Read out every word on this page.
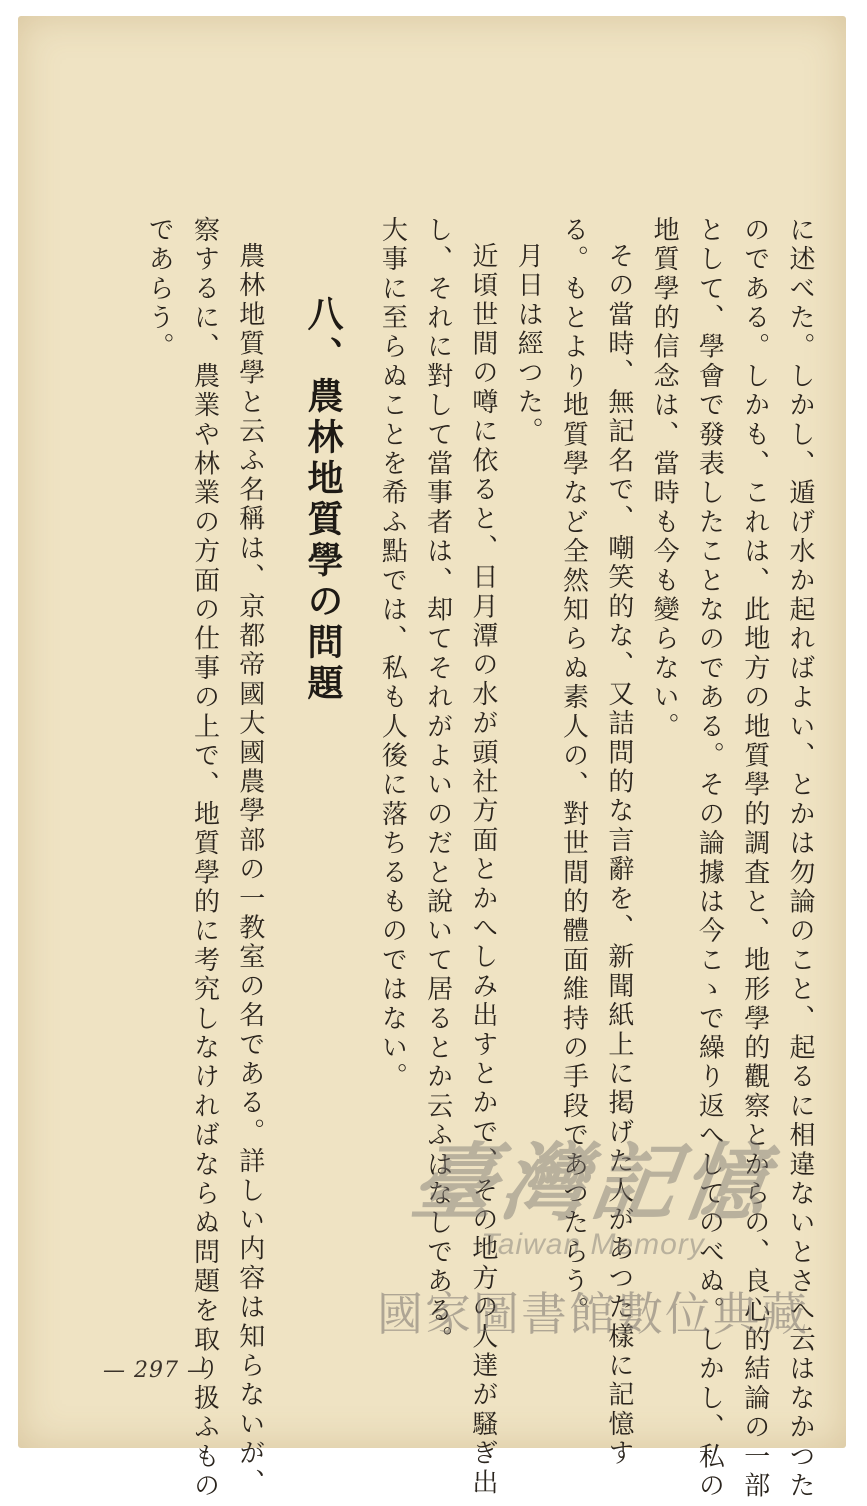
に述べた。しかし、遁げ水か起ればよい、とかは勿論のこと、起るに相違ないとさへ云はなかつたのである。しかも、これは、此地方の地質學的調査と、地形學的觀察とからの、良心的結論の一部として、學會で發表したことなのである。その論據は今こゝで繰り返へしてのべぬ。しかし、私の地質學的信念は、當時も今も變らない。

その當時、無記名で、嘲笑的な、又詰問的な言辭を、新聞紙上に掲げた人があつた樣に記憶する。もとより地質學など全然知らぬ素人の、對世間的體面維持の手段であつたらう。

月日は經つた。

近頃世間の噂に依ると、日月潭の水が頭社方面とかへしみ出すとかで、その地方の人達が騷ぎ出し、それに對して當事者は、却てそれがよいのだと說いて居るとか云ふはなしである。

大事に至らぬことを希ふ點では、私も人後に落ちるものではない。

八、農林地質學の問題

農林地質學と云ふ名稱は、京都帝國大國農學部の一教室の名である。詳しい内容は知らないが、察するに、農業や林業の方面の仕事の上で、地質學的に考究しなければならぬ問題を取り扱ふものであらう。

— 297 —
臺灣記憶
Taiwan Memory
國家圖書館數位典藏
